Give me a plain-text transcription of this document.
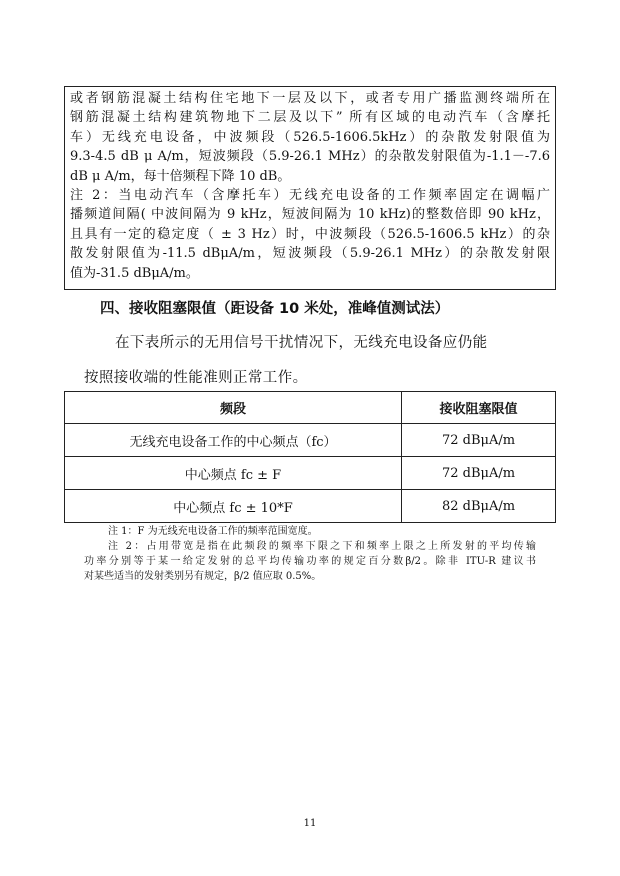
或者钢筋混凝土结构住宅地下一层及以下，或者专用广播监测终端所在
钢筋混凝土结构建筑物地下二层及以下” 所有区域的电动汽车（含摩托
车）无线充电设备，中波频段（526.5-1606.5kHz）的杂散发射限值为
9.3-4.5 dB μ A/m，短波频段（5.9-26.1 MHz）的杂散发射限值为-1.1－-7.6
dB μ A/m，每十倍频程下降 10 dB。
注 2：当电动汽车（含摩托车）无线充电设备的工作频率固定在调幅广
播频道间隔( 中波间隔为 9 kHz，短波间隔为 10 kHz)的整数倍即 90 kHz，
且具有一定的稳定度（ ± 3 Hz）时，中波频段（526.5-1606.5 kHz）的杂
散发射限值为-11.5 dBμA/m，短波频段（5.9-26.1 MHz）的杂散发射限
值为-31.5 dBμA/m。
四、接收阻塞限值（距设备 10 米处，准峰值测试法）
在下表所示的无用信号干扰情况下，无线充电设备应仍能
按照接收端的性能准则正常工作。
频段	接收阻塞限值
无线充电设备工作的中心频点（fc）	72 dBμA/m
中心频点 fc ± F	72 dBμA/m
中心频点 fc ± 10*F	82 dBμA/m
注 1：F 为无线充电设备工作的频率范围宽度。
注 2：占用带宽是指在此频段的频率下限之下和频率上限之上所发射的平均传输
功率分别等于某一给定发射的总平均传输功率的规定百分数β/2。除非 ITU-R 建议书
对某些适当的发射类别另有规定，β/2 值应取 0.5%。
11
